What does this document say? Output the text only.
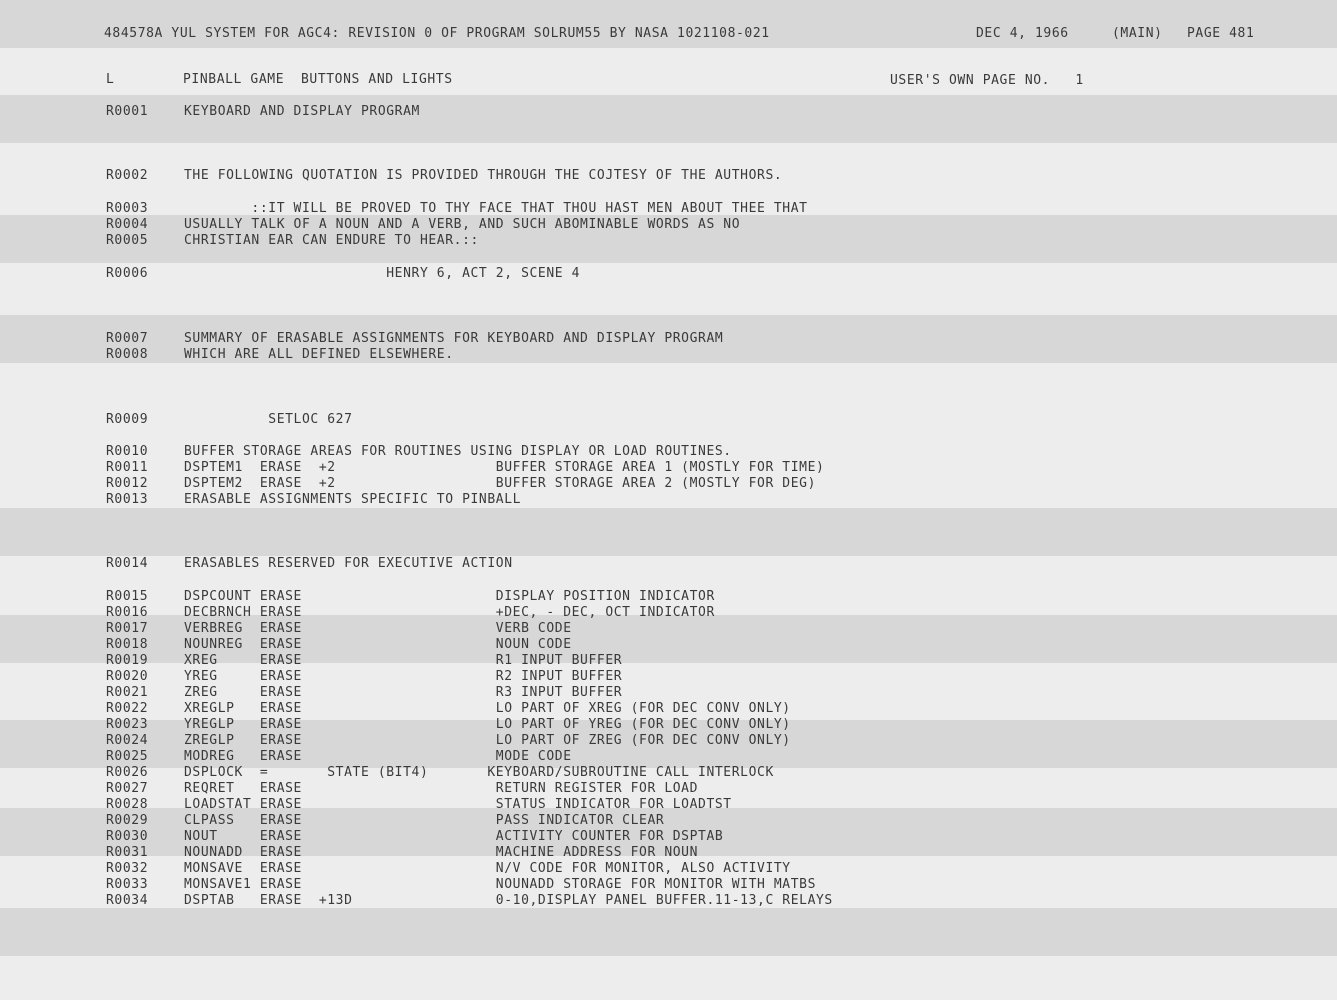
484578A YUL SYSTEM FOR AGC4: REVISION 0 OF PROGRAM SOLRUM55 BY NASA 1021108-021	DEC 4, 1966	(MAIN) PAGE 481
L	PINBALL GAME  BUTTONS AND LIGHTS	USER'S OWN PAGE NO.   1
R0001	KEYBOARD AND DISPLAY PROGRAM
R0002	THE FOLLOWING QUOTATION IS PROVIDED THROUGH THE COJTESY OF THE AUTHORS.
R0003	::IT WILL BE PROVED TO THY FACE THAT THOU HAST MEN ABOUT THEE THAT
R0004	USUALLY TALK OF A NOUN AND A VERB, AND SUCH ABOMINABLE WORDS AS NO
R0005	CHRISTIAN EAR CAN ENDURE TO HEAR.::
R0006	HENRY 6, ACT 2, SCENE 4
R0007	SUMMARY OF ERASABLE ASSIGNMENTS FOR KEYBOARD AND DISPLAY PROGRAM
R0008	WHICH ARE ALL DEFINED ELSEWHERE.
R0009	SETLOC 627
R0010	BUFFER STORAGE AREAS FOR ROUTINES USING DISPLAY OR LOAD ROUTINES.
R0011	DSPTEM1  ERASE  +2                   BUFFER STORAGE AREA 1 (MOSTLY FOR TIME)
R0012	DSPTEM2  ERASE  +2                   BUFFER STORAGE AREA 2 (MOSTLY FOR DEG)
R0013	ERASABLE ASSIGNMENTS SPECIFIC TO PINBALL
R0014	ERASABLES RESERVED FOR EXECUTIVE ACTION
R0015	DSPCOUNT ERASE                       DISPLAY POSITION INDICATOR
R0016	DECBRNCH ERASE                       +DEC, - DEC, OCT INDICATOR
R0017	VERBREG  ERASE                       VERB CODE
R0018	NOUNREG  ERASE                       NOUN CODE
R0019	XREG     ERASE                       R1 INPUT BUFFER
R0020	YREG     ERASE                       R2 INPUT BUFFER
R0021	ZREG     ERASE                       R3 INPUT BUFFER
R0022	XREGLP   ERASE                       LO PART OF XREG (FOR DEC CONV ONLY)
R0023	YREGLP   ERASE                       LO PART OF YREG (FOR DEC CONV ONLY)
R0024	ZREGLP   ERASE                       LO PART OF ZREG (FOR DEC CONV ONLY)
R0025	MODREG   ERASE                       MODE CODE
R0026	DSPLOCK  =       STATE (BIT4)       KEYBOARD/SUBROUTINE CALL INTERLOCK
R0027	REQRET   ERASE                       RETURN REGISTER FOR LOAD
R0028	LOADSTAT ERASE                       STATUS INDICATOR FOR LOADTST
R0029	CLPASS   ERASE                       PASS INDICATOR CLEAR
R0030	NOUT     ERASE                       ACTIVITY COUNTER FOR DSPTAB
R0031	NOUNADD  ERASE                       MACHINE ADDRESS FOR NOUN
R0032	MONSAVE  ERASE                       N/V CODE FOR MONITOR, ALSO ACTIVITY
R0033	MONSAVE1 ERASE                       NOUNADD STORAGE FOR MONITOR WITH MATBS
R0034	DSPTAB   ERASE  +13D                 0-10,DISPLAY PANEL BUFFER.11-13,C RELAYS
